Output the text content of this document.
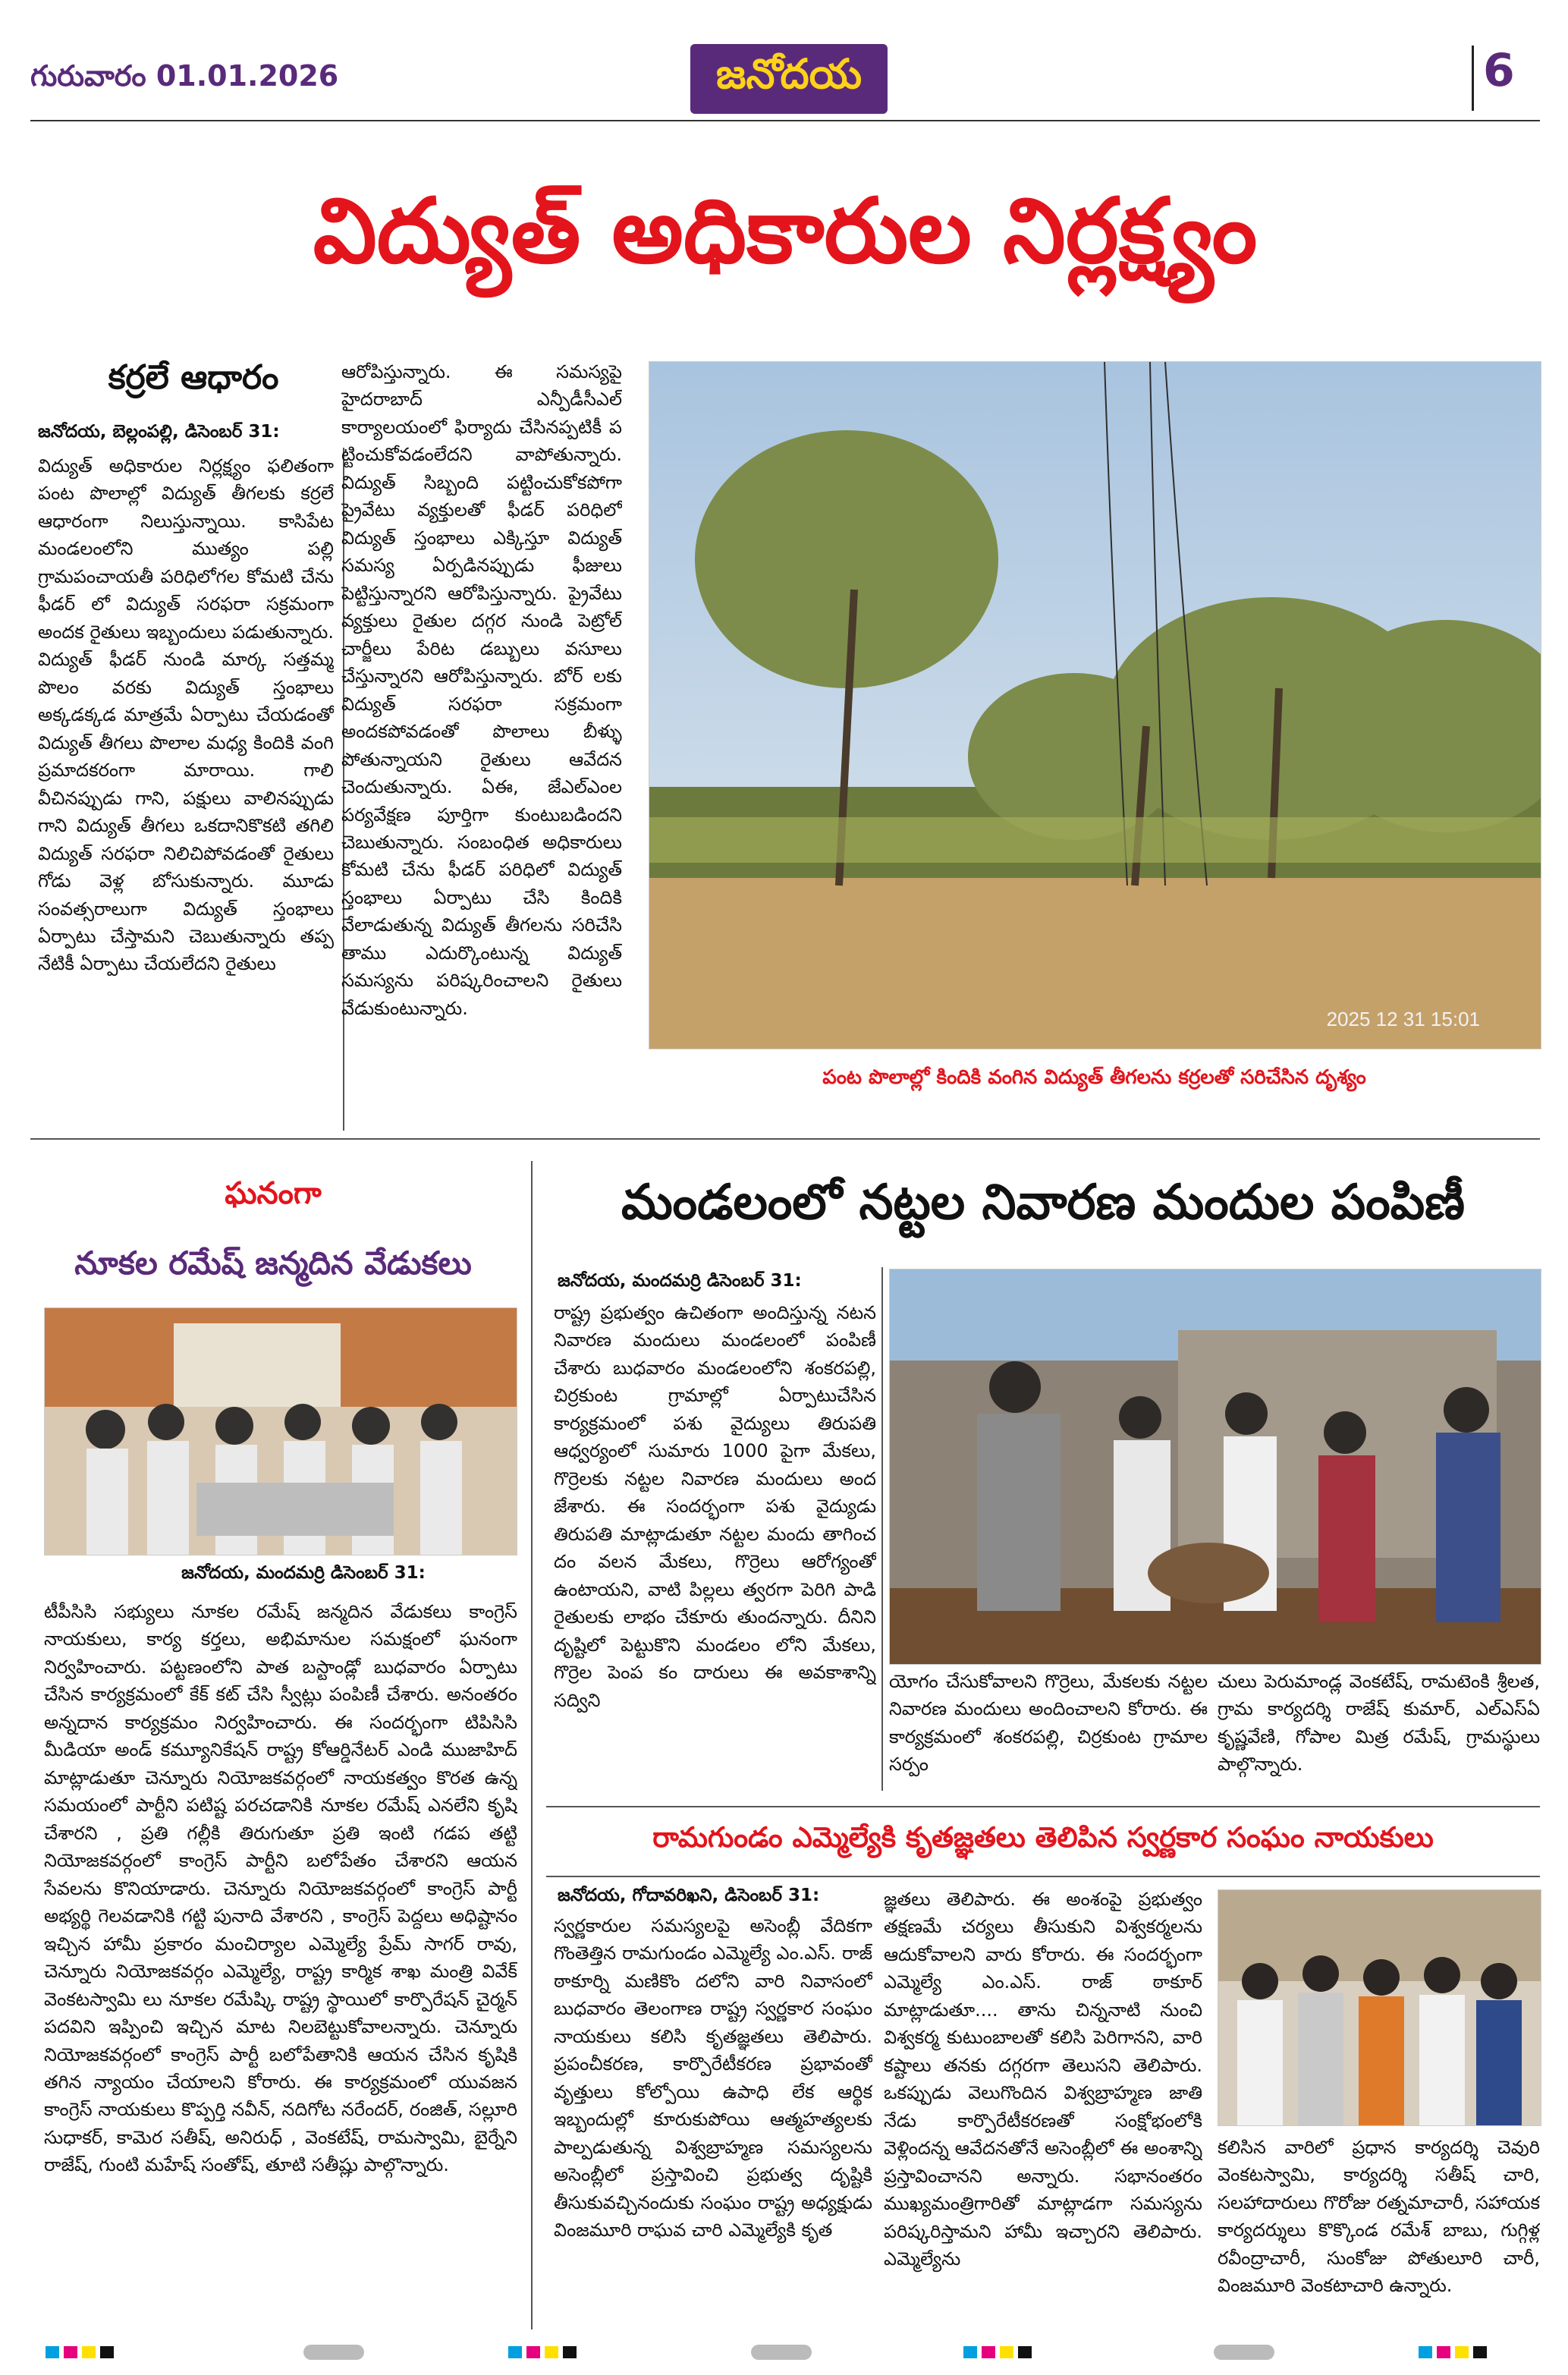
గురువారం 01.01.2026	జనోదయ	6
విద్యుత్ అధికారుల నిర్లక్ష్యం
కర్రలే ఆధారం
జనోదయ, బెల్లంపల్లి, డిసెంబర్ 31:
విద్యుత్ అధికారుల నిర్లక్ష్యం ఫలితంగా పంట పొలాల్లో విద్యుత్ తీగలకు కర్రలే ఆధారంగా నిలుస్తున్నాయి. కాసిపేట మండలంలోని ముత్యం పల్లి గ్రామపంచాయతీ పరిధిలోగల కోమటి చేను ఫీడర్ లో విద్యుత్ సరఫరా సక్రమంగా అందక రైతులు ఇబ్బందులు పడుతున్నారు. విద్యుత్ ఫీడర్ నుండి మార్క సత్తమ్మ పొలం వరకు విద్యుత్ స్తంభాలు అక్కడక్కడ మాత్రమే ఏర్పాటు చేయడంతో విద్యుత్ తీగలు పొలాల మధ్య కిందికి వంగి ప్రమాదకరంగా మారాయి. గాలి వీచినప్పుడు గాని, పక్షులు వాలినప్పుడు గాని విద్యుత్ తీగలు ఒకదానికొకటి తగిలి విద్యుత్ సరఫరా నిలిచిపోవడంతో రైతులు గోడు వెళ్ల బోసుకున్నారు. మూడు సంవత్సరాలుగా విద్యుత్ స్తంభాలు ఏర్పాటు చేస్తామని చెబుతున్నారు తప్ప నేటికీ ఏర్పాటు చేయలేదని రైతులు
ఆరోపిస్తున్నారు. ఈ సమస్యపై హైదరాబాద్ ఎన్పీడీసీఎల్ కార్యాలయంలో ఫిర్యాదు చేసినప్పటికీ ప ట్టించుకోవడంలేదని వాపోతున్నారు. విద్యుత్ సిబ్బంది పట్టించుకోకపోగా ప్రైవేటు వ్యక్తులతో ఫీడర్ పరిధిలో విద్యుత్ స్తంభాలు ఎక్కిస్తూ విద్యుత్ సమస్య ఏర్పడినప్పుడు ఫీజులు పెట్టిస్తున్నారని ఆరోపిస్తున్నారు. ప్రైవేటు వ్యక్తులు రైతుల దగ్గర నుండి పెట్రోల్ చార్జీలు పేరిట డబ్బులు వసూలు చేస్తున్నారని ఆరోపిస్తున్నారు. బోర్ లకు విద్యుత్ సరఫరా సక్రమంగా అందకపోవడంతో పొలాలు బీళ్ళు పోతున్నాయని రైతులు ఆవేదన చెందుతున్నారు. ఏఈ, జేఎల్ఎంల పర్యవేక్షణ పూర్తిగా కుంటుబడిందని చెబుతున్నారు. సంబంధిత అధికారులు కోమటి చేను ఫీడర్ పరిధిలో విద్యుత్ స్తంభాలు ఏర్పాటు చేసి కిందికి వేలాడుతున్న విద్యుత్ తీగలను సరిచేసి తాము ఎదుర్కొంటున్న విద్యుత్ సమస్యను పరిష్కరించాలని రైతులు వేడుకుంటున్నారు.	2025 12 31 15:01
పంట పొలాల్లో కిందికి వంగిన విద్యుత్ తీగలను కర్రలతో సరిచేసిన దృశ్యం
ఘనంగా
నూకల రమేష్ జన్మదిన వేడుకలు
జనోదయ, మందమర్రి డిసెంబర్ 31:
టీపీసిసి సభ్యులు నూకల రమేష్ జన్మదిన వేడుకలు కాంగ్రెస్ నాయకులు, కార్య కర్తలు, అభిమానుల సమక్షంలో ఘనంగా నిర్వహించారు. పట్టణంలోని పాత బస్టాండ్లో బుధవారం ఏర్పాటు చేసిన కార్యక్రమంలో కేక్ కట్ చేసి స్వీట్లు పంపిణీ చేశారు. అనంతరం అన్నదాన కార్యక్రమం నిర్వహించారు. ఈ సందర్భంగా టిపిసిసి మీడియా అండ్ కమ్యూనికేషన్ రాష్ట్ర కోఆర్డినేటర్ ఎండి ముజాహిద్ మాట్లాడుతూ చెన్నూరు నియోజకవర్గంలో నాయకత్వం కొరత ఉన్న సమయంలో పార్టీని పటిష్ట పరచడానికి నూకల రమేష్ ఎనలేని కృషి చేశారని , ప్రతి గల్లీకి తిరుగుతూ ప్రతి ఇంటి గడప తట్టి నియోజకవర్గంలో కాంగ్రెస్ పార్టీని బలోపేతం చేశారని ఆయన సేవలను కొనియాడారు. చెన్నూరు నియోజకవర్గంలో కాంగ్రెస్ పార్టీ అభ్యర్థి గెలవడానికి గట్టి పునాది వేశారని , కాంగ్రెస్ పెద్దలు అధిష్టానం ఇచ్చిన హామీ ప్రకారం మంచిర్యాల ఎమ్మెల్యే ప్రేమ్ సాగర్ రావు, చెన్నూరు నియోజకవర్గం ఎమ్మెల్యే, రాష్ట్ర కార్మిక శాఖ మంత్రి వివేక్ వెంకటస్వామి లు నూకల రమేష్కి రాష్ట్ర స్థాయిలో కార్పొరేషన్ చైర్మన్ పదవిని ఇప్పించి ఇచ్చిన మాట నిలబెట్టుకోవాలన్నారు. చెన్నూరు నియోజకవర్గంలో కాంగ్రెస్ పార్టీ బలోపేతానికి ఆయన చేసిన కృషికి తగిన న్యాయం చేయాలని కోరారు. ఈ కార్యక్రమంలో యువజన కాంగ్రెస్ నాయకులు కొప్పర్తి నవీన్, నదిగోట నరేందర్, రంజిత్, సల్లూరి సుధాకర్, కామెర సతీష్, అనిరుధ్ , వెంకటేష్, రామస్వామి, బైర్నేని రాజేష్, గుంటి మహేష్ సంతోష్, తూటి సతీష్లు పాల్గొన్నారు.
మండలంలో నట్టల నివారణ మందుల పంపిణీ
జనోదయ, మందమర్రి డిసెంబర్ 31:
రాష్ట్ర ప్రభుత్వం ఉచితంగా అందిస్తున్న నటన నివారణ మందులు మండలంలో పంపిణీ చేశారు బుధవారం మండలంలోని శంకరపల్లి, చిర్రకుంట గ్రామాల్లో ఏర్పాటుచేసిన కార్యక్రమంలో పశు వైద్యులు తిరుపతి ఆధ్వర్యంలో సుమారు 1000 పైగా మేకలు, గొర్రెలకు నట్టల నివారణ మందులు అంద జేశారు. ఈ సందర్భంగా పశు వైద్యుడు తిరుపతి మాట్లాడుతూ నట్టల మందు తాగించ దం వలన మేకలు, గొర్రెలు ఆరోగ్యంతో ఉంటాయని, వాటి పిల్లలు త్వరగా పెరిగి పాడి రైతులకు లాభం చేకూరు తుందన్నారు. దీనిని దృష్టిలో పెట్టుకొని మండలం లోని మేకలు, గొర్రెల పెంప కం దారులు ఈ అవకాశాన్ని సద్విని
యోగం చేసుకోవాలని గొర్రెలు, మేకలకు నట్టల నివారణ మందులు అందించాలని కోరారు. ఈ కార్యక్రమంలో శంకరపల్లి, చిర్రకుంట గ్రామాల సర్పం
చులు పెరుమాండ్ల వెంకటేష్, రామటెంకి శ్రీలత, గ్రామ కార్యదర్శి రాజేష్ కుమార్, ఎల్ఎస్ఏ కృష్ణవేణి, గోపాల మిత్ర రమేష్, గ్రామస్థులు పాల్గొన్నారు.
రామగుండం ఎమ్మెల్యేకి కృతజ్ఞతలు తెలిపిన స్వర్ణకార సంఘం నాయకులు
జనోదయ, గోదావరిఖని, డిసెంబర్ 31:
స్వర్ణకారుల సమస్యలపై అసెంబ్లీ వేదికగా గొంతెత్తిన రామగుండం ఎమ్మెల్యే ఎం.ఎస్. రాజ్ ఠాకూర్ని మణికొం దలోని వారి నివాసంలో బుధవారం తెలంగాణ రాష్ట్ర స్వర్ణకార సంఘం నాయకులు కలిసి కృతజ్ఞతలు తెలిపారు. ప్రపంచీకరణ, కార్పొరేటీకరణ ప్రభావంతో వృత్తులు కోల్పోయి ఉపాధి లేక ఆర్థిక ఇబ్బందుల్లో కూరుకుపోయి ఆత్మహత్యలకు పాల్పడుతున్న విశ్వబ్రాహ్మణ సమస్యలను అసెంబ్లీలో ప్రస్తావించి ప్రభుత్వ దృష్టికి తీసుకువచ్చినందుకు సంఘం రాష్ట్ర అధ్యక్షుడు వింజమూరి రాఘవ చారి ఎమ్మెల్యేకి కృత
జ్ఞతలు తెలిపారు. ఈ అంశంపై ప్రభుత్వం తక్షణమే చర్యలు తీసుకుని విశ్వకర్మలను ఆదుకోవాలని వారు కోరారు. ఈ సందర్భంగా ఎమ్మెల్యే ఎం.ఎస్. రాజ్ ఠాకూర్ మాట్లాడుతూ.... తాను చిన్ననాటి నుంచి విశ్వకర్మ కుటుంబాలతో కలిసి పెరిగానని, వారి కష్టాలు తనకు దగ్గరగా తెలుసని తెలిపారు. ఒకప్పుడు వెలుగొందిన విశ్వబ్రాహ్మణ జాతి నేడు కార్పొరేటీకరణతో సంక్షోభంలోకి వెళ్లిందన్న ఆవేదనతోనే అసెంబ్లీలో ఈ అంశాన్ని ప్రస్తావించానని అన్నారు. సభానంతరం ముఖ్యమంత్రిగారితో మాట్లాడగా సమస్యను పరిష్కరిస్తామని హామీ ఇచ్చారని తెలిపారు. ఎమ్మెల్యేను
కలిసిన వారిలో ప్రధాన కార్యదర్శి చెవురి వెంకటస్వామి, కార్యదర్శి సతీష్ చారి, సలహాదారులు గొరోజు రత్నమాచారీ, సహాయక కార్యదర్శులు కొక్కొండ రమేశ్ బాబు, గుగ్గిళ్ల రవీంద్రాచారీ, సుంకోజు పోతులూరి చారీ, వింజమూరి వెంకటాచారి ఉన్నారు.
